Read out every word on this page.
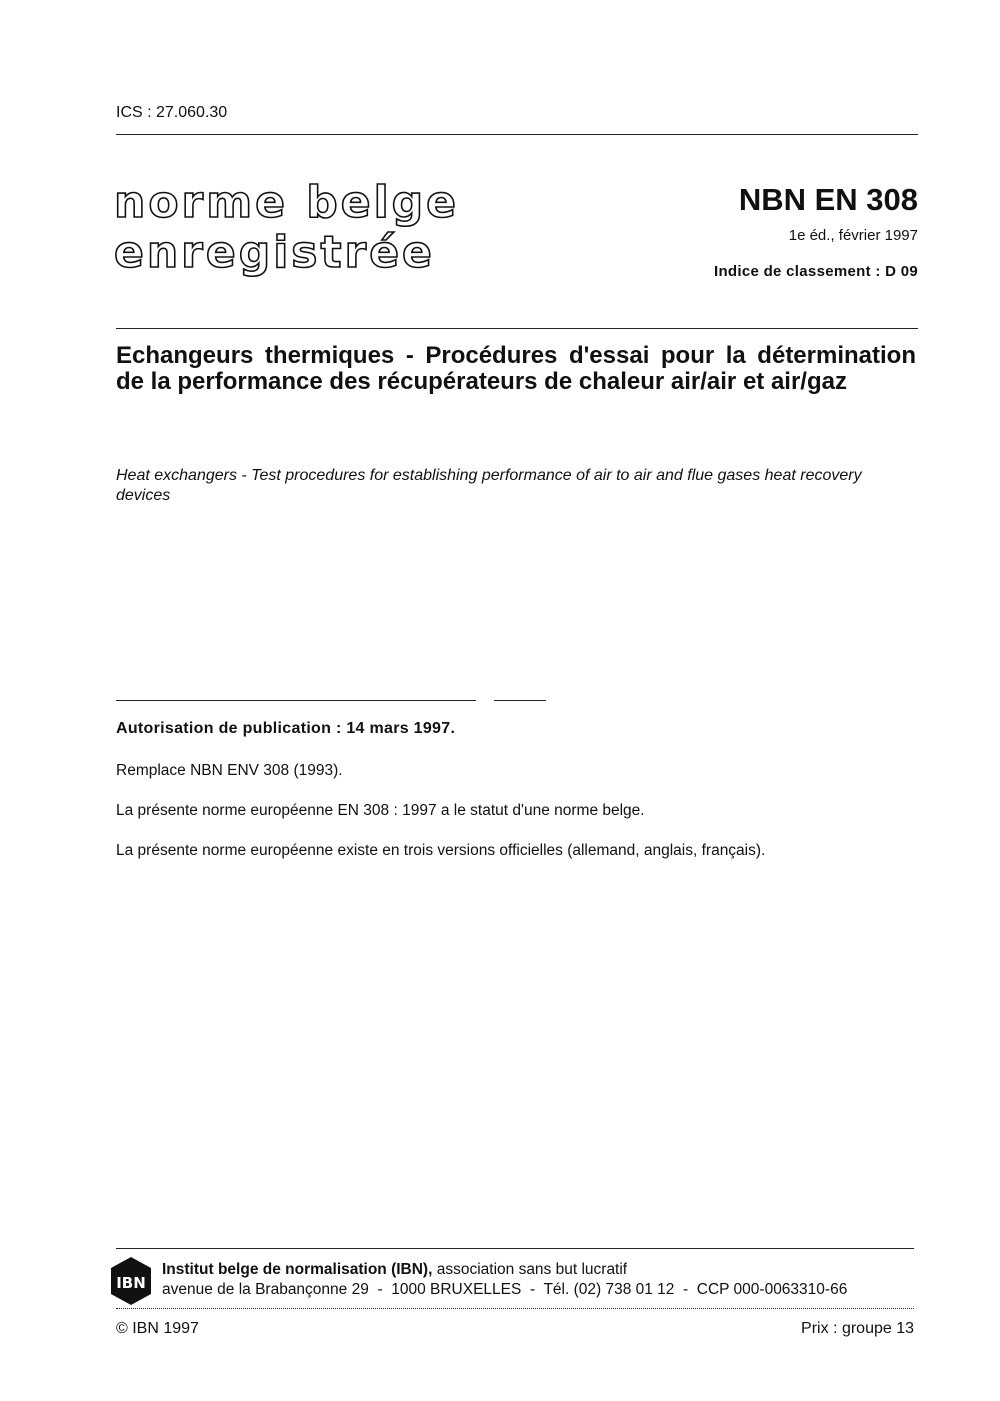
ICS : 27.060.30
norme belge
enregistrée
NBN EN 308
1e éd., février 1997
Indice de classement : D 09
Echangeurs thermiques - Procédures d'essai pour la détermination de la performance des récupérateurs de chaleur air/air et air/gaz
Heat exchangers - Test procedures for establishing performance of air to air and flue gases heat recovery devices
Autorisation de publication : 14 mars 1997.
Remplace NBN ENV 308 (1993).
La présente norme européenne EN 308 : 1997 a le statut d'une norme belge.
La présente norme européenne existe en trois versions officielles (allemand, anglais, français).
IBN
Institut belge de normalisation (IBN), association sans but lucratif
avenue de la Brabançonne 29  -  1000 BRUXELLES  -  Tél. (02) 738 01 12  -  CCP 000-0063310-66
© IBN 1997	Prix : groupe 13
